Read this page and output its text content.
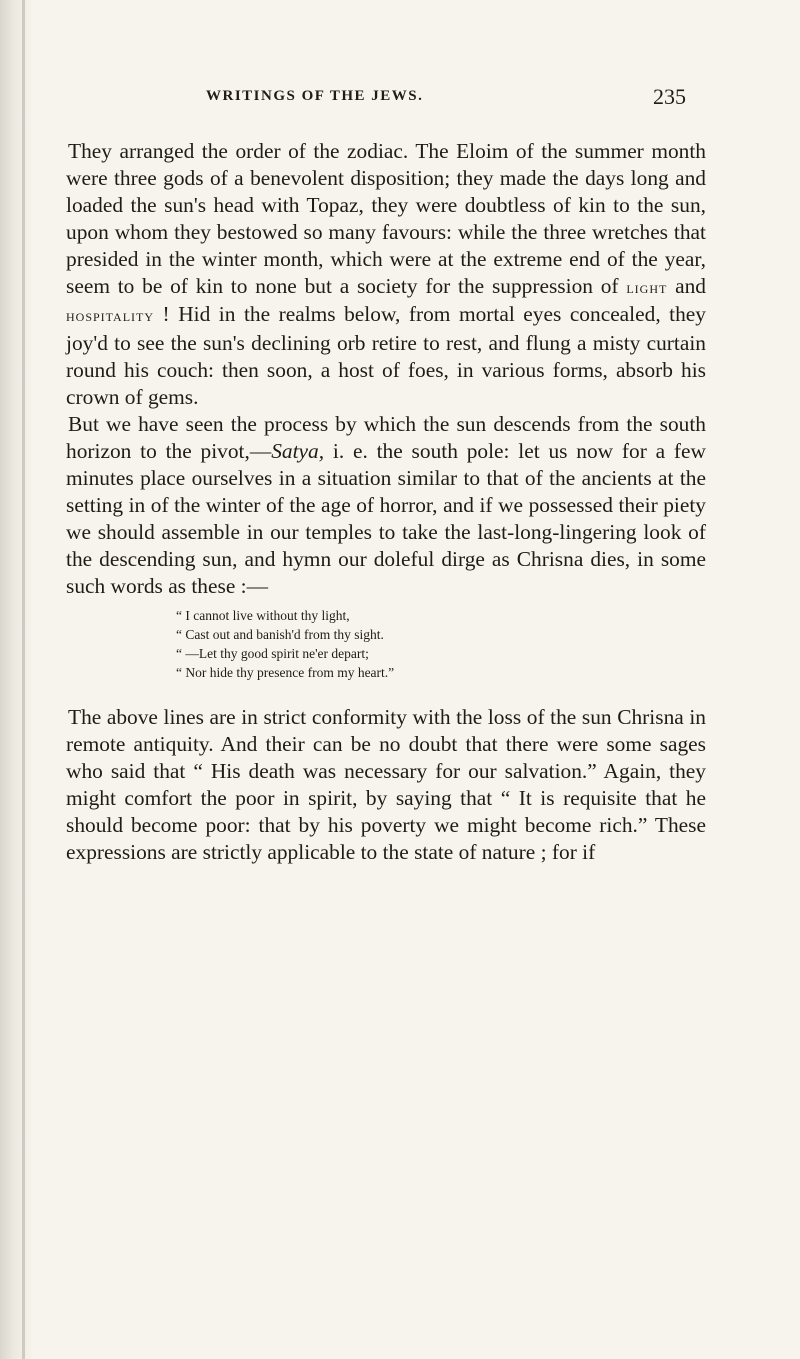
WRITINGS OF THE JEWS.	235

They arranged the order of the zodiac. The Eloim of the summer month were three gods of a benevolent disposition; they made the days long and loaded the sun's head with Topaz, they were doubtless of kin to the sun, upon whom they bestowed so many favours: while the three wretches that presided in the winter month, which were at the extreme end of the year, seem to be of kin to none but a society for the suppression of light and hospitality ! Hid in the realms below, from mortal eyes concealed, they joy'd to see the sun's declining orb retire to rest, and flung a misty curtain round his couch: then soon, a host of foes, in various forms, absorb his crown of gems.

But we have seen the process by which the sun descends from the south horizon to the pivot,—Satya, i. e. the south pole: let us now for a few minutes place ourselves in a situation similar to that of the ancients at the setting in of the winter of the age of horror, and if we possessed their piety we should assemble in our temples to take the last-long-lingering look of the descending sun, and hymn our doleful dirge as Chrisna dies, in some such words as these :—

“ I cannot live without thy light,
“ Cast out and banish'd from thy sight.
“ —Let thy good spirit ne'er depart;
“ Nor hide thy presence from my heart.”

The above lines are in strict conformity with the loss of the sun Chrisna in remote antiquity. And their can be no doubt that there were some sages who said that “ His death was necessary for our salvation.” Again, they might comfort the poor in spirit, by saying that “ It is requisite that he should become poor: that by his poverty we might become rich.” These expressions are strictly applicable to the state of nature ; for if
